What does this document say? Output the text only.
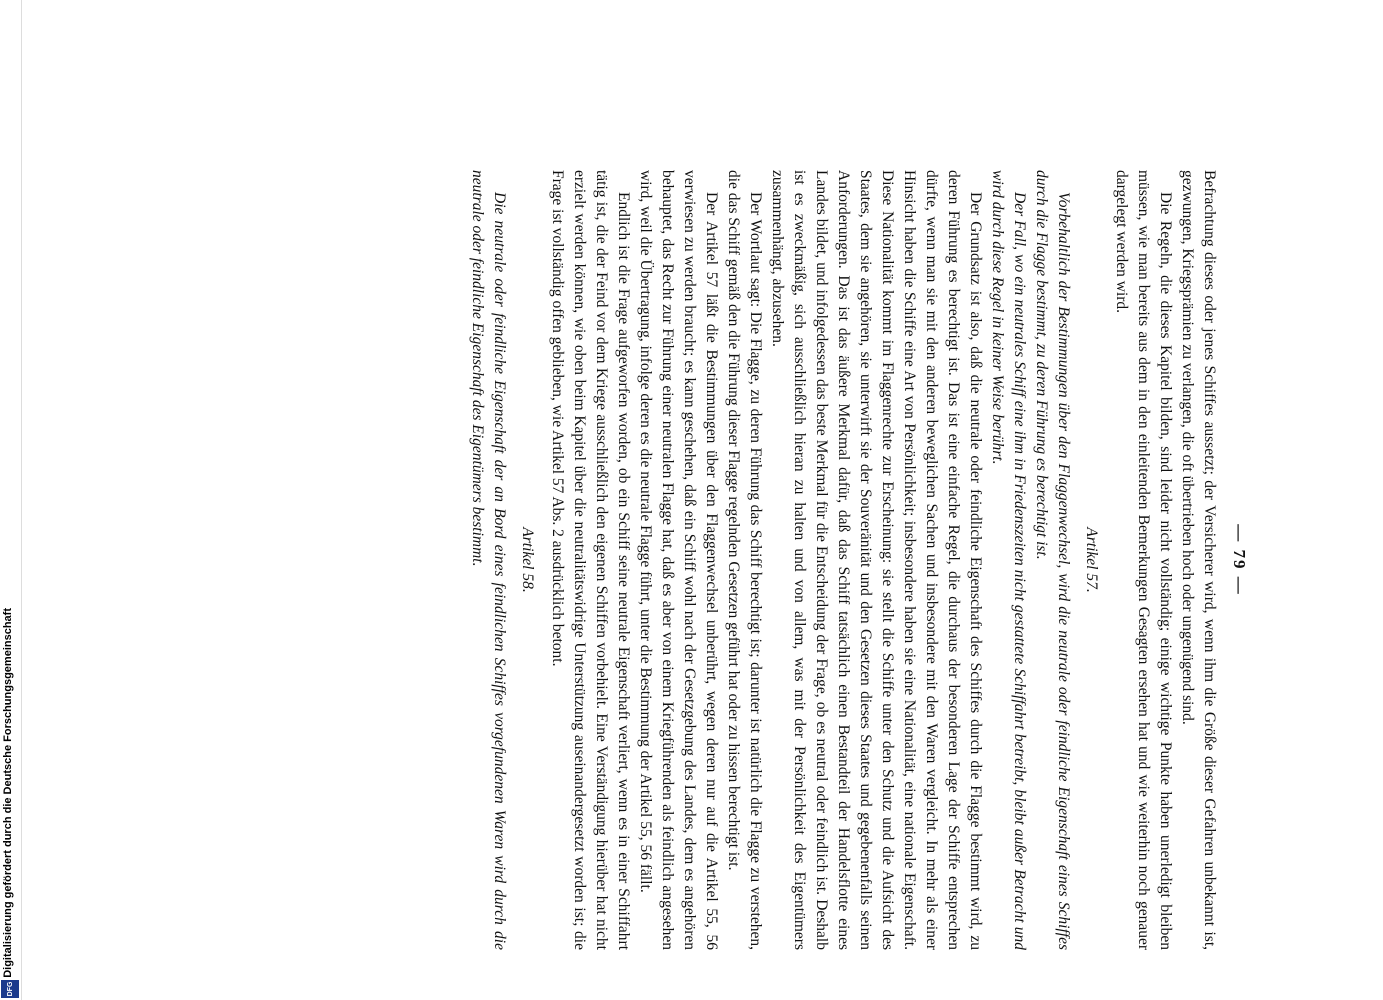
Digitalisierung gefördert durch die Deutsche Forschungsgemeinschaft
DFG
— 79 —

Befrachtung dieses oder jenes Schiffes aussetzt; der Versicherer wird, wenn ihm die Größe dieser Gefahren unbekannt ist, gezwungen, Kriegsprämien zu verlangen, die oft übertrieben hoch oder ungenügend sind.

Die Regeln, die dieses Kapitel bilden, sind leider nicht vollständig; einige wichtige Punkte haben unerledigt bleiben müssen, wie man bereits aus dem in den einleitenden Bemerkungen Gesagten ersehen hat und wie weiterhin noch genauer dargelegt werden wird.

Artikel 57.

Vorbehaltlich der Bestimmungen über den Flaggenwechsel, wird die neutrale oder feindliche Eigenschaft eines Schiffes durch die Flagge bestimmt, zu deren Führung es berechtigt ist.

Der Fall, wo ein neutrales Schiff eine ihm in Friedenszeiten nicht gestattete Schiffahrt betreibt, bleibt außer Betracht und wird durch diese Regel in keiner Weise berührt.

Der Grundsatz ist also, daß die neutrale oder feindliche Eigenschaft des Schiffes durch die Flagge bestimmt wird, zu deren Führung es berechtigt ist. Das ist eine einfache Regel, die durchaus der besonderen Lage der Schiffe entsprechen dürfte, wenn man sie mit den anderen beweglichen Sachen und insbesondere mit den Waren vergleicht. In mehr als einer Hinsicht haben die Schiffe eine Art von Persönlichkeit; insbesondere haben sie eine Nationalität, eine nationale Eigenschaft. Diese Nationalität kommt im Flaggenrechte zur Erscheinung: sie stellt die Schiffe unter den Schutz und die Aufsicht des Staates, dem sie angehören, sie unterwirft sie der Souveränität und den Gesetzen dieses Staates und gegebenenfalls seinen Anforderungen. Das ist das äußere Merkmal dafür, daß das Schiff tatsächlich einen Bestandteil der Handelsflotte eines Landes bildet, und infolgedessen das beste Merkmal für die Entscheidung der Frage, ob es neutral oder feindlich ist. Deshalb ist es zweckmäßig, sich ausschließlich hieran zu halten und von allem, was mit der Persönlichkeit des Eigentümers zusammenhängt, abzusehen.

Der Wortlaut sagt: Die Flagge, zu deren Führung das Schiff berechtigt ist; darunter ist natürlich die Flagge zu verstehen, die das Schiff gemäß den die Führung dieser Flagge regelnden Gesetzen geführt hat oder zu hissen berechtigt ist.

Der Artikel 57 läßt die Bestimmungen über den Flaggenwechsel unberührt, wegen deren nur auf die Artikel 55, 56 verwiesen zu werden braucht; es kann geschehen, daß ein Schiff wohl nach der Gesetzgebung des Landes, dem es angehören behauptet, das Recht zur Führung einer neutralen Flagge hat, daß es aber von einem Kriegführenden als feindlich angesehen wird, weil die Übertragung, infolge deren es die neutrale Flagge führt, unter die Bestimmung der Artikel 55, 56 fällt.

Endlich ist die Frage aufgeworfen worden, ob ein Schiff seine neutrale Eigenschaft verliert, wenn es in einer Schiffahrt tätig ist, die der Feind vor dem Kriege ausschließlich den eigenen Schiffen vorbehielt. Eine Verständigung hierüber hat nicht erzielt werden können, wie oben beim Kapitel über die neutralitätswidrige Unterstützung auseinandergesetzt worden ist; die Frage ist vollständig offen geblieben, wie Artikel 57 Abs. 2 ausdrücklich betont.

Artikel 58.

Die neutrale oder feindliche Eigenschaft der an Bord eines feindlichen Schiffes vorgefundenen Waren wird durch die neutrale oder feindliche Eigenschaft des Eigentümers bestimmt.
